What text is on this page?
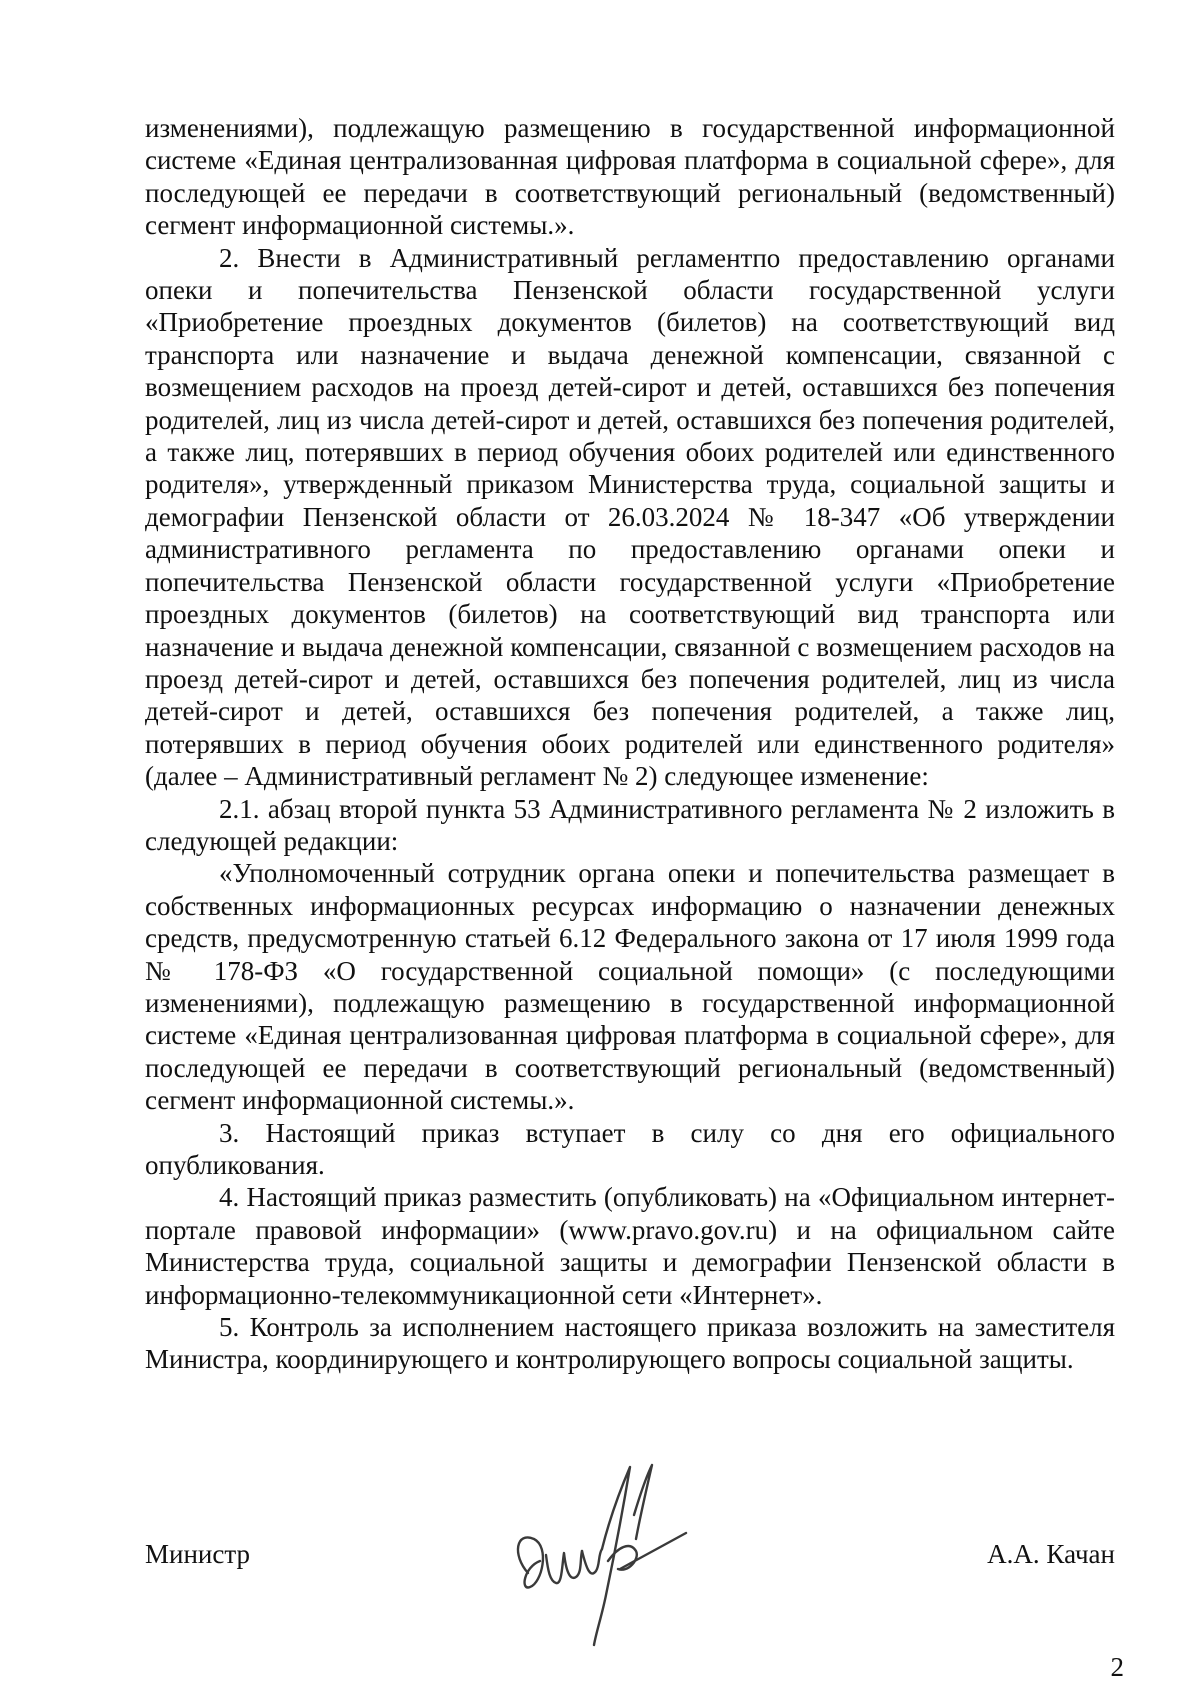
изменениями), подлежащую размещению в государственной информационной системе «Единая централизованная цифровая платформа в социальной сфере», для последующей ее передачи в соответствующий региональный (ведомственный) сегмент информационной системы.».

2. Внести в Административный регламентпо предоставлению органами опеки и попечительства Пензенской области государственной услуги «Приобретение проездных документов (билетов) на соответствующий вид транспорта или назначение и выдача денежной компенсации, связанной с возмещением расходов на проезд детей-сирот и детей, оставшихся без попечения родителей, лиц из числа детей-сирот и детей, оставшихся без попечения родителей, а также лиц, потерявших в период обучения обоих родителей или единственного родителя», утвержденный приказом Министерства труда, социальной защиты и демографии Пензенской области от 26.03.2024 № 18-347 «Об утверждении административного регламента по предоставлению органами опеки и попечительства Пензенской области государственной услуги «Приобретение проездных документов (билетов) на соответствующий вид транспорта или назначение и выдача денежной компенсации, связанной с возмещением расходов на проезд детей-сирот и детей, оставшихся без попечения родителей, лиц из числа детей-сирот и детей, оставшихся без попечения родителей, а также лиц, потерявших в период обучения обоих родителей или единственного родителя» (далее – Административный регламент № 2) следующее изменение:

2.1. абзац второй пункта 53 Административного регламента № 2 изложить в следующей редакции:

«Уполномоченный сотрудник органа опеки и попечительства размещает в собственных информационных ресурсах информацию о назначении денежных средств, предусмотренную статьей 6.12 Федерального закона от 17 июля 1999 года № 178-ФЗ «О государственной социальной помощи» (с последующими изменениями), подлежащую размещению в государственной информационной системе «Единая централизованная цифровая платформа в социальной сфере», для последующей ее передачи в соответствующий региональный (ведомственный) сегмент информационной системы.».

3. Настоящий приказ вступает в силу со дня его официального опубликования.

4. Настоящий приказ разместить (опубликовать) на «Официальном интернет-портале правовой информации» (www.pravo.gov.ru) и на официальном сайте Министерства труда, социальной защиты и демографии Пензенской области в информационно-телекоммуникационной сети «Интернет».

5. Контроль за исполнением настоящего приказа возложить на заместителя Министра, координирующего и контролирующего вопросы социальной защиты.

Министр	А.А. Качан
2
